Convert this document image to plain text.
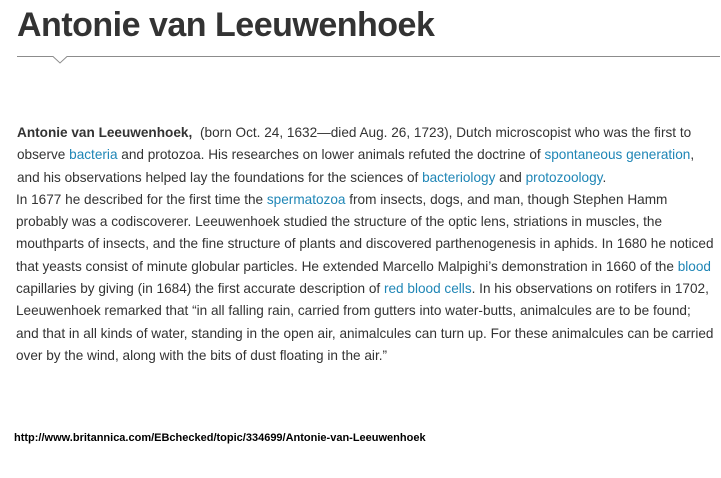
Antonie van Leeuwenhoek

Antonie van Leeuwenhoek, (born Oct. 24, 1632—died Aug. 26, 1723), Dutch microscopist who was the first to observe bacteria and protozoa. His researches on lower animals refuted the doctrine of spontaneous generation, and his observations helped lay the foundations for the sciences of bacteriology and protozoology.

In 1677 he described for the first time the spermatozoa from insects, dogs, and man, though Stephen Hamm probably was a codiscoverer. Leeuwenhoek studied the structure of the optic lens, striations in muscles, the mouthparts of insects, and the fine structure of plants and discovered parthenogenesis in aphids. In 1680 he noticed that yeasts consist of minute globular particles. He extended Marcello Malpighi’s demonstration in 1660 of the blood capillaries by giving (in 1684) the first accurate description of red blood cells. In his observations on rotifers in 1702, Leeuwenhoek remarked that “in all falling rain, carried from gutters into water-butts, animalcules are to be found; and that in all kinds of water, standing in the open air, animalcules can turn up. For these animalcules can be carried over by the wind, along with the bits of dust floating in the air.”

http://www.britannica.com/EBchecked/topic/334699/Antonie-van-Leeuwenhoek
